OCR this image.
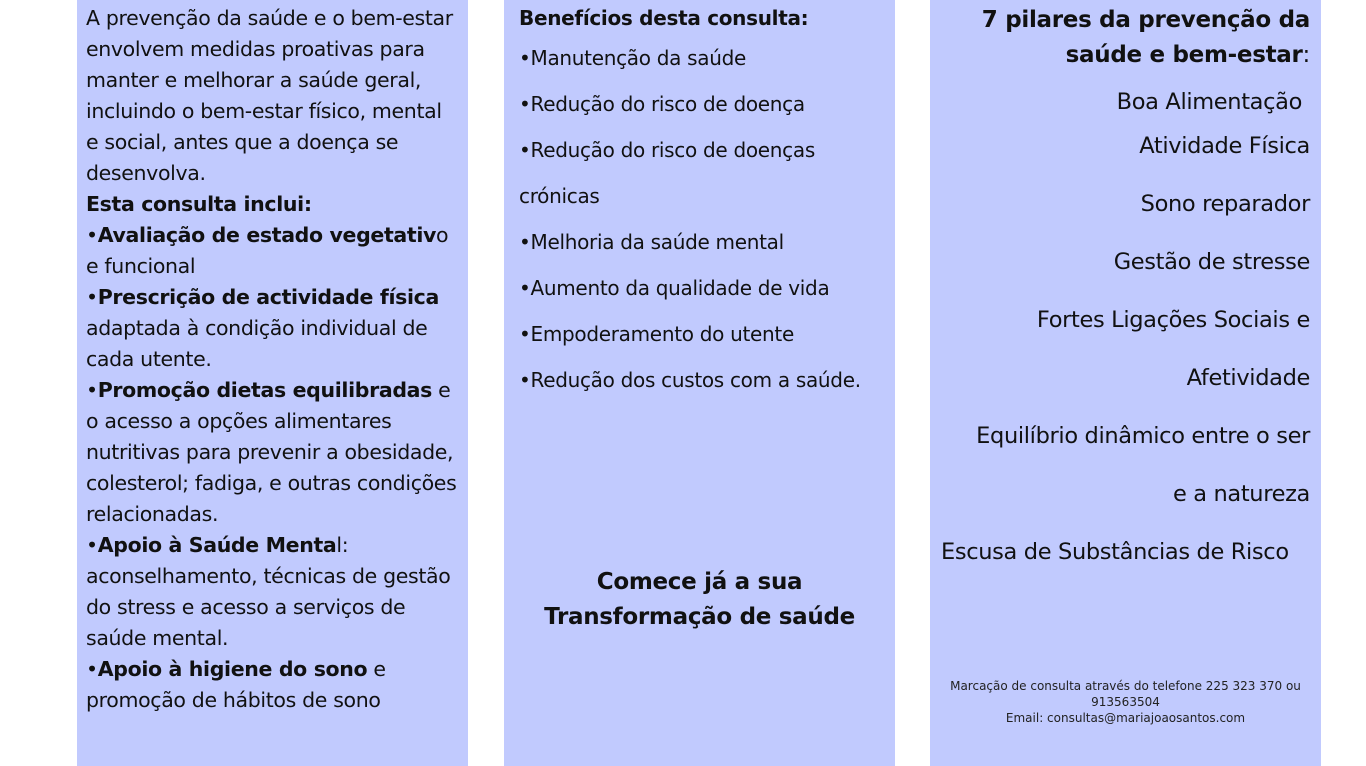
A prevenção da saúde e o bem-estar envolvem medidas proativas para manter e melhorar a saúde geral, incluindo o bem-estar físico, mental e social, antes que a doença se desenvolva.

Esta consulta inclui:

•Avaliação de estado vegetativo e funcional

•Prescrição de actividade física adaptada à condição individual de cada utente.

•Promoção dietas equilibradas e o acesso a opções alimentares nutritivas para prevenir a obesidade, colesterol; fadiga, e outras condições relacionadas.

•Apoio à Saúde Mental: aconselhamento, técnicas de gestão do stress e acesso a serviços de saúde mental.

•Apoio à higiene do sono e promoção de hábitos de sono

Benefícios desta consulta:

•Manutenção da saúde

•Redução do risco de doença

•Redução do risco de doenças

crónicas

•Melhoria da saúde mental

•Aumento da qualidade de vida

•Empoderamento do utente

•Redução dos custos com a saúde.

Comece já a sua
Transformação de saúde

7 pilares da prevenção da saúde e bem-estar:

Boa Alimentação

Atividade Física

Sono reparador

Gestão de stresse

Fortes Ligações Sociais e

Afetividade

Equilíbrio dinâmico entre o ser

e a natureza

Escusa de Substâncias de Risco

Marcação de consulta através do telefone 225 323 370 ou
913563504
Email: consultas@mariajoaosantos.com
